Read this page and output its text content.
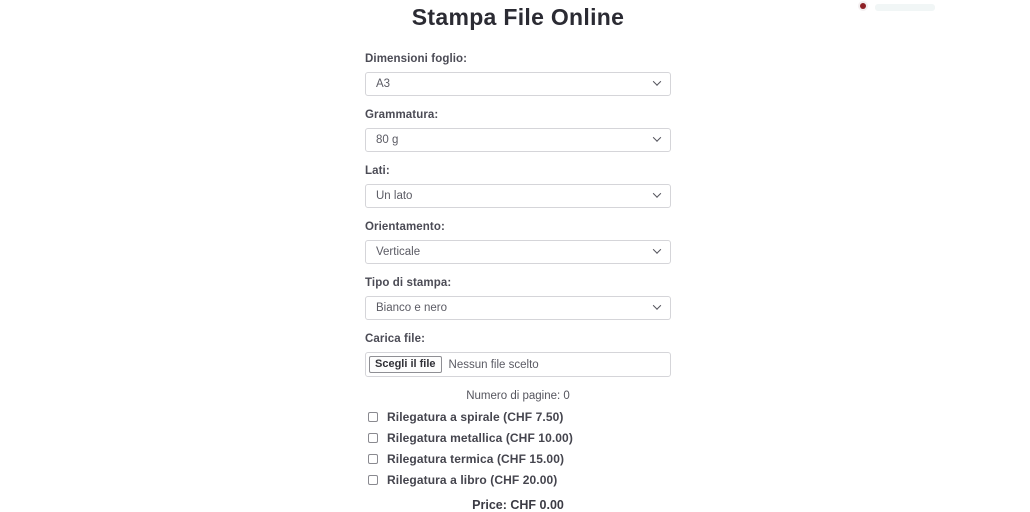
Stampa File Online
Dimensioni foglio:
A3
Grammatura:
80 g
Lati:
Un lato
Orientamento:
Verticale
Tipo di stampa:
Bianco e nero
Carica file:
Scegli il file	Nessun file scelto
Numero di pagine: 0
Rilegatura a spirale (CHF 7.50)
Rilegatura metallica (CHF 10.00)
Rilegatura termica (CHF 15.00)
Rilegatura a libro (CHF 20.00)
Price: CHF 0.00
